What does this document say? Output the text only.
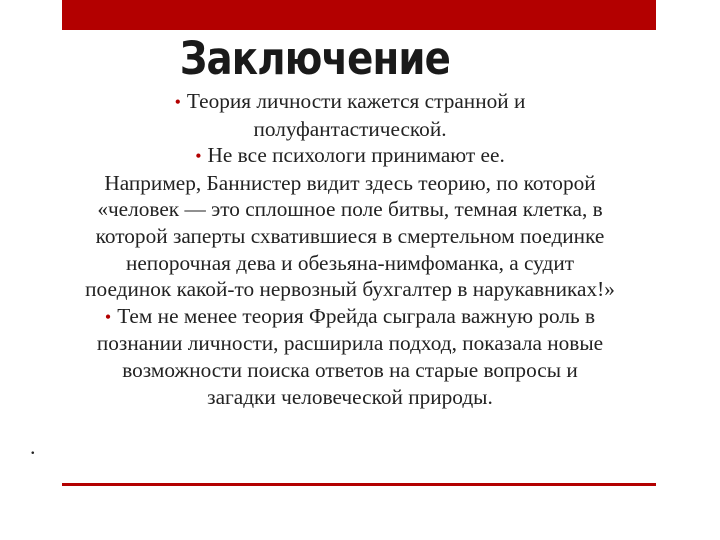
Заключение

• Теория личности кажется странной и
полуфантастической.

• Не все психологи принимают ее.
Например, Баннистер видит здесь теорию, по которой
«человек — это сплошное поле битвы, темная клетка, в
которой заперты схватившиеся в смертельном поединке
непорочная дева и обезьяна-нимфоманка, а судит
поединок какой-то нервозный бухгалтер в нарукавниках!»

• Тем не менее теория Фрейда сыграла важную роль в
познании личности, расширила подход, показала новые
возможности поиска ответов на старые вопросы и
загадки человеческой природы.

.
